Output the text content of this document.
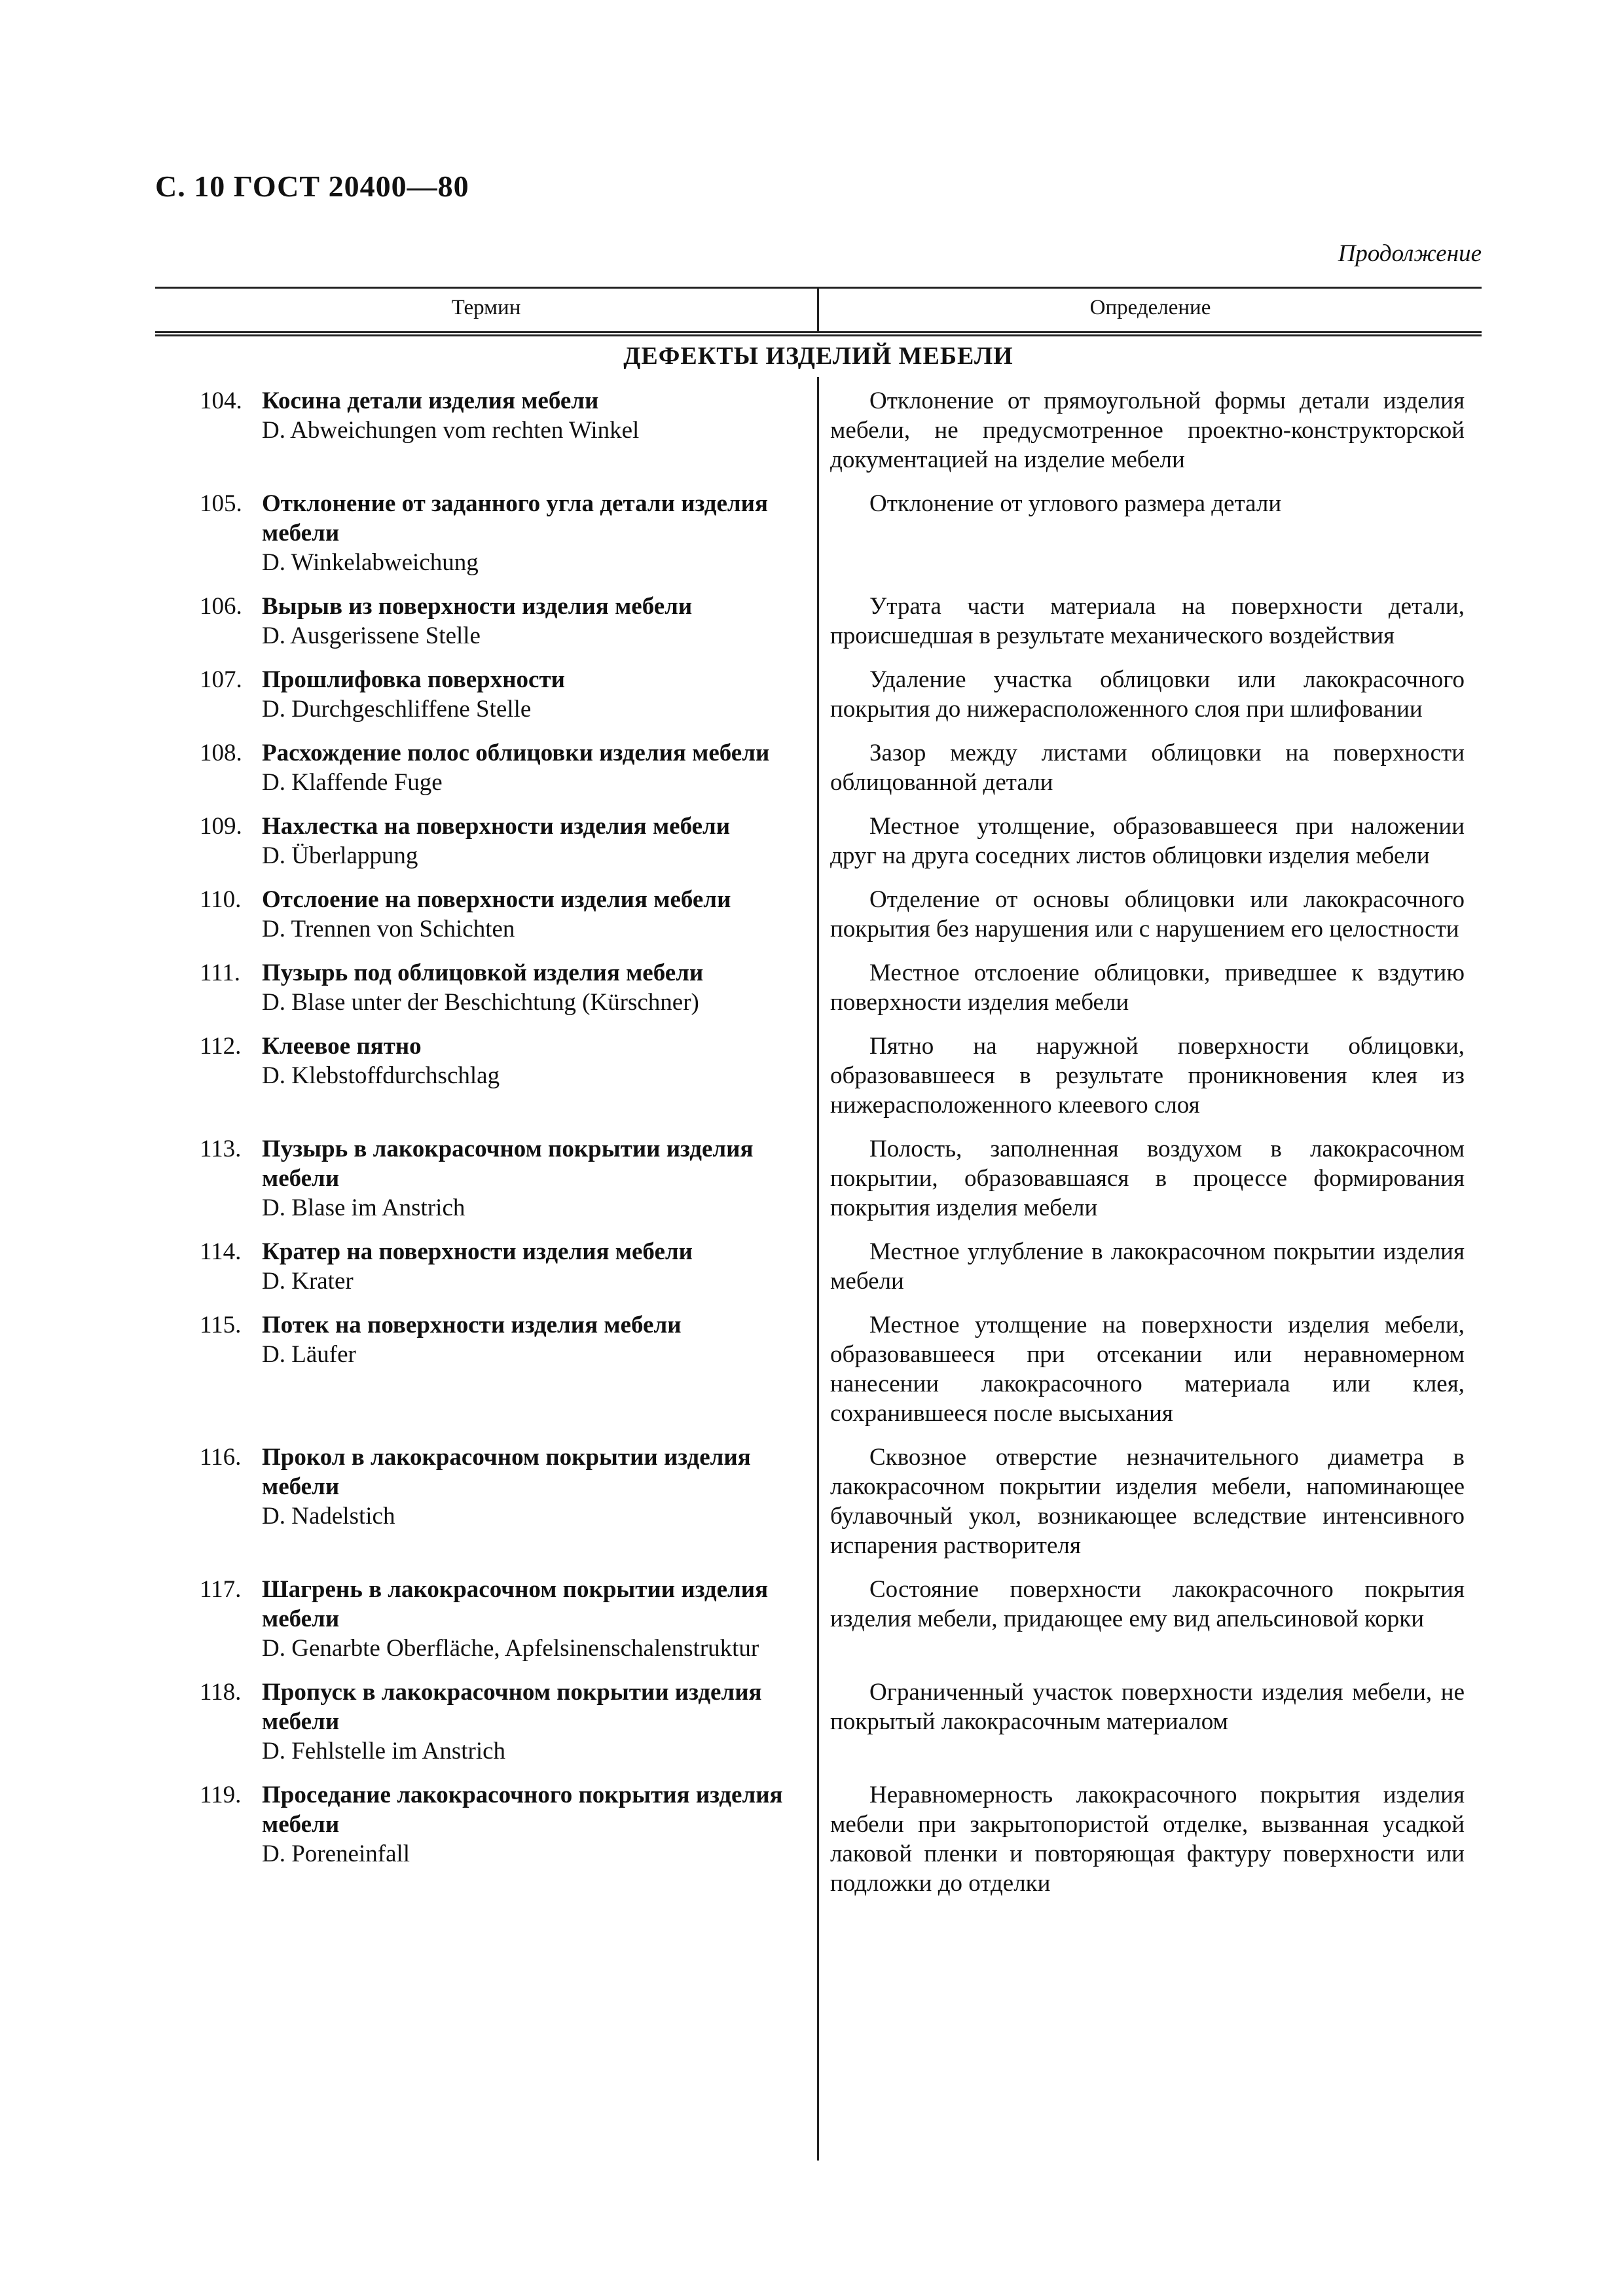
С. 10 ГОСТ 20400—80
Продолжение
Термин	Определение
ДЕФЕКТЫ ИЗДЕЛИЙ МЕБЕЛИ
104. Косина детали изделия мебели
D. Abweichungen vom rechten Winkel
Отклонение от прямоугольной формы детали изделия мебели, не предусмотренное проектно-конструкторской документацией на изделие мебели
105. Отклонение от заданного угла детали изделия
мебели
D. Winkelabweichung
Отклонение от углового размера детали
106. Вырыв из поверхности изделия мебели
D. Ausgerissene Stelle
Утрата части материала на поверхности детали, происшедшая в результате механического воздействия
107. Прошлифовка поверхности
D. Durchgeschliffene Stelle
Удаление участка облицовки или лакокрасочного покрытия до нижерасположенного слоя при шлифовании
108. Расхождение полос облицовки изделия мебели
D. Klaffende Fuge
Зазор между листами облицовки на поверхности облицованной детали
109. Нахлестка на поверхности изделия мебели
D. Überlappung
Местное утолщение, образовавшееся при наложении друг на друга соседних листов облицовки изделия мебели
110. Отслоение на поверхности изделия мебели
D. Trennen von Schichten
Отделение от основы облицовки или лакокрасочного покрытия без нарушения или с нарушением его целостности
111. Пузырь под облицовкой изделия мебели
D. Blase unter der Beschichtung (Kürschner)
Местное отслоение облицовки, приведшее к вздутию поверхности изделия мебели
112. Клеевое пятно
D. Klebstoffdurchschlag
Пятно на наружной поверхности облицовки, образовавшееся в результате проникновения клея из нижерасположенного клеевого слоя
113. Пузырь в лакокрасочном покрытии изделия
мебели
D. Blase im Anstrich
Полость, заполненная воздухом в лакокрасочном покрытии, образовавшаяся в процессе формирования покрытия изделия мебели
114. Кратер на поверхности изделия мебели
D. Krater
Местное углубление в лакокрасочном покрытии изделия мебели
115. Потек на поверхности изделия мебели
D. Läufer
Местное утолщение на поверхности изделия мебели, образовавшееся при отсекании или неравномерном нанесении лакокрасочного материала или клея, сохранившееся после высыхания
116. Прокол в лакокрасочном покрытии изделия
мебели
D. Nadelstich
Сквозное отверстие незначительного диаметра в лакокрасочном покрытии изделия мебели, напоминающее булавочный укол, возникающее вследствие интенсивного испарения растворителя
117. Шагрень в лакокрасочном покрытии изделия
мебели
D. Genarbte Oberfläche, Apfelsinenschalenstruktur
Состояние поверхности лакокрасочного покрытия изделия мебели, придающее ему вид апельсиновой корки
118. Пропуск в лакокрасочном покрытии изделия
мебели
D. Fehlstelle im Anstrich
Ограниченный участок поверхности изделия мебели, не покрытый лакокрасочным материалом
119. Проседание лакокрасочного покрытия изделия
мебели
D. Poreneinfall
Неравномерность лакокрасочного покрытия изделия мебели при закрытопористой отделке, вызванная усадкой лаковой пленки и повторяющая фактуру поверхности или подложки до отделки
